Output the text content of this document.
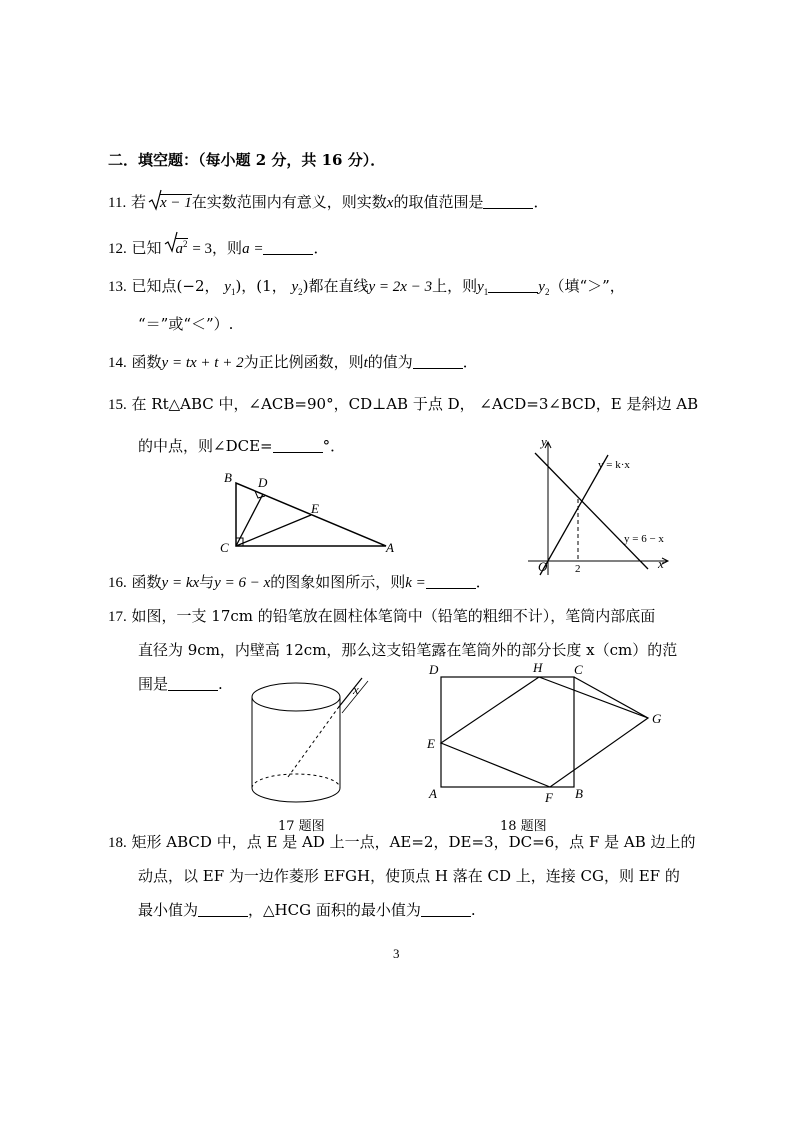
二．填空题：（每小题 2 分，共 16 分）．
11. 若 x − 1在实数范围内有意义，则实数x的取值范围是	．
12. 已知 $a^2 = 3$，则a =	．
13. 已知点(−2， $y_1$)，(1， $y_2$)都在直线y = 2x − 3上，则$y_1$	$y_2$（填“＞”，
“＝”或“＜”）.
14. 函数y = tx + t + 2为正比例函数，则t的值为	．
15. 在 Rt△ABC 中，∠ACB=90°，CD⊥AB 于点 D， ∠ACD=3∠BCD，E 是斜边 AB
的中点，则∠DCE=	°．
B D
E
C	A
y
x
O	2
y = k·x
y = 6 − x
16. 函数y = kx与y = 6 − x的图象如图所示，则k =	．
17. 如图，一支 17cm 的铅笔放在圆柱体笔筒中（铅笔的粗细不计），笔筒内部底面
直径为 9cm，内壁高 12cm，那么这支铅笔露在笔筒外的部分长度 x（cm）的范
围是	.	x
17 题图
D	H C
G
E
A	F B
18 题图
18. 矩形 ABCD 中，点 E 是 AD 上一点，AE=2，DE=3，DC=6，点 F 是 AB 边上的
动点，以 EF 为一边作菱形 EFGH，使顶点 H 落在 CD 上，连接 CG，则 EF 的
最小值为	，△HCG 面积的最小值为	.
3
